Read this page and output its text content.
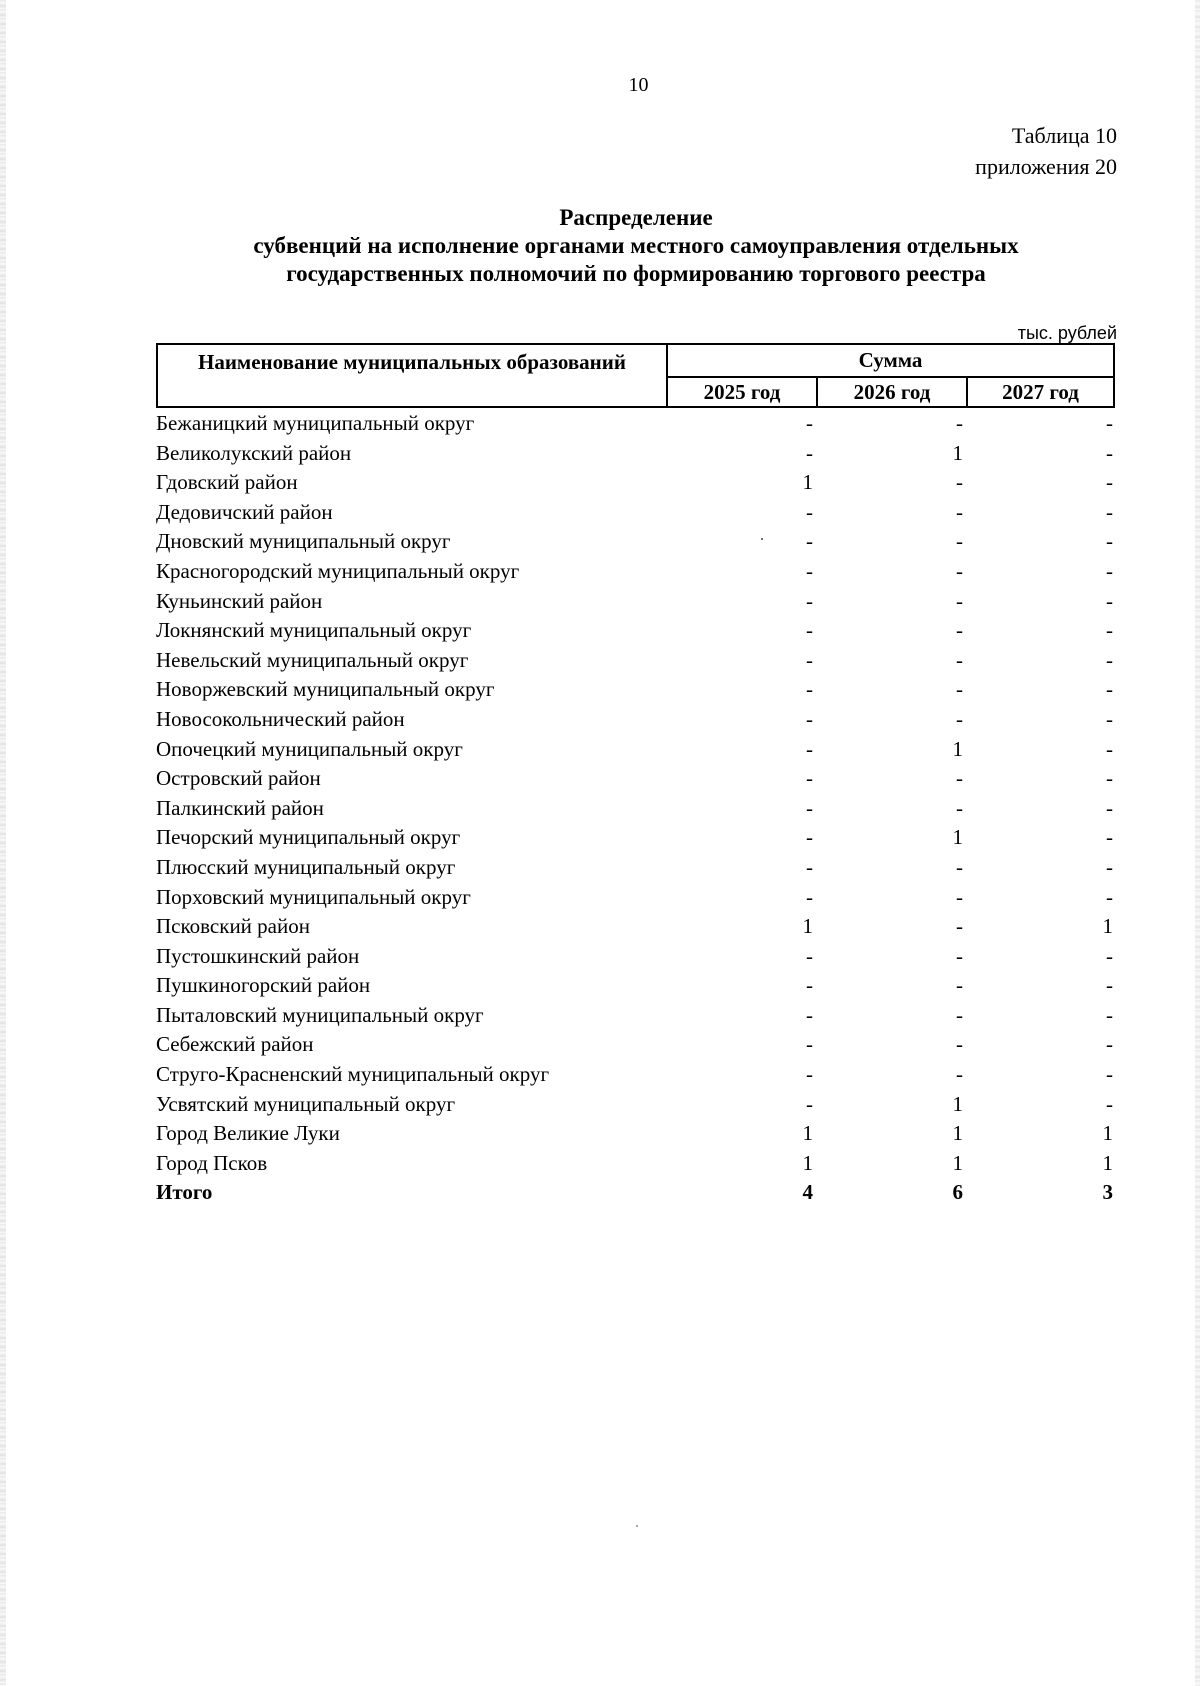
10
Таблица 10
приложения 20
Распределение
субвенций на исполнение органами местного самоуправления отдельных
государственных полномочий по формированию торгового реестра
тыс. рублей
Наименование муниципальных образований	Сумма
2025 год	2026 год	2027 год
Бежаницкий муниципальный округ	-	-	-
Великолукский район	-	1	-
Гдовский район	1	-	-
Дедовичский район	-	-	-
Дновский муниципальный округ	-	-	-
Красногородский муниципальный округ	-	-	-
Куньинский район	-	-	-
Локнянский муниципальный округ	-	-	-
Невельский муниципальный округ	-	-	-
Новоржевский муниципальный округ	-	-	-
Новосокольнический район	-	-	-
Опочецкий муниципальный округ	-	1	-
Островский район	-	-	-
Палкинский район	-	-	-
Печорский муниципальный округ	-	1	-
Плюсский муниципальный округ	-	-	-
Порховский муниципальный округ	-	-	-
Псковский район	1	-	1
Пустошкинский район	-	-	-
Пушкиногорский район	-	-	-
Пыталовский муниципальный округ	-	-	-
Себежский район	-	-	-
Струго-Красненский муниципальный округ	-	-	-
Усвятский муниципальный округ	-	1	-
Город Великие Луки	1	1	1
Город Псков	1	1	1
Итого	4	6	3
